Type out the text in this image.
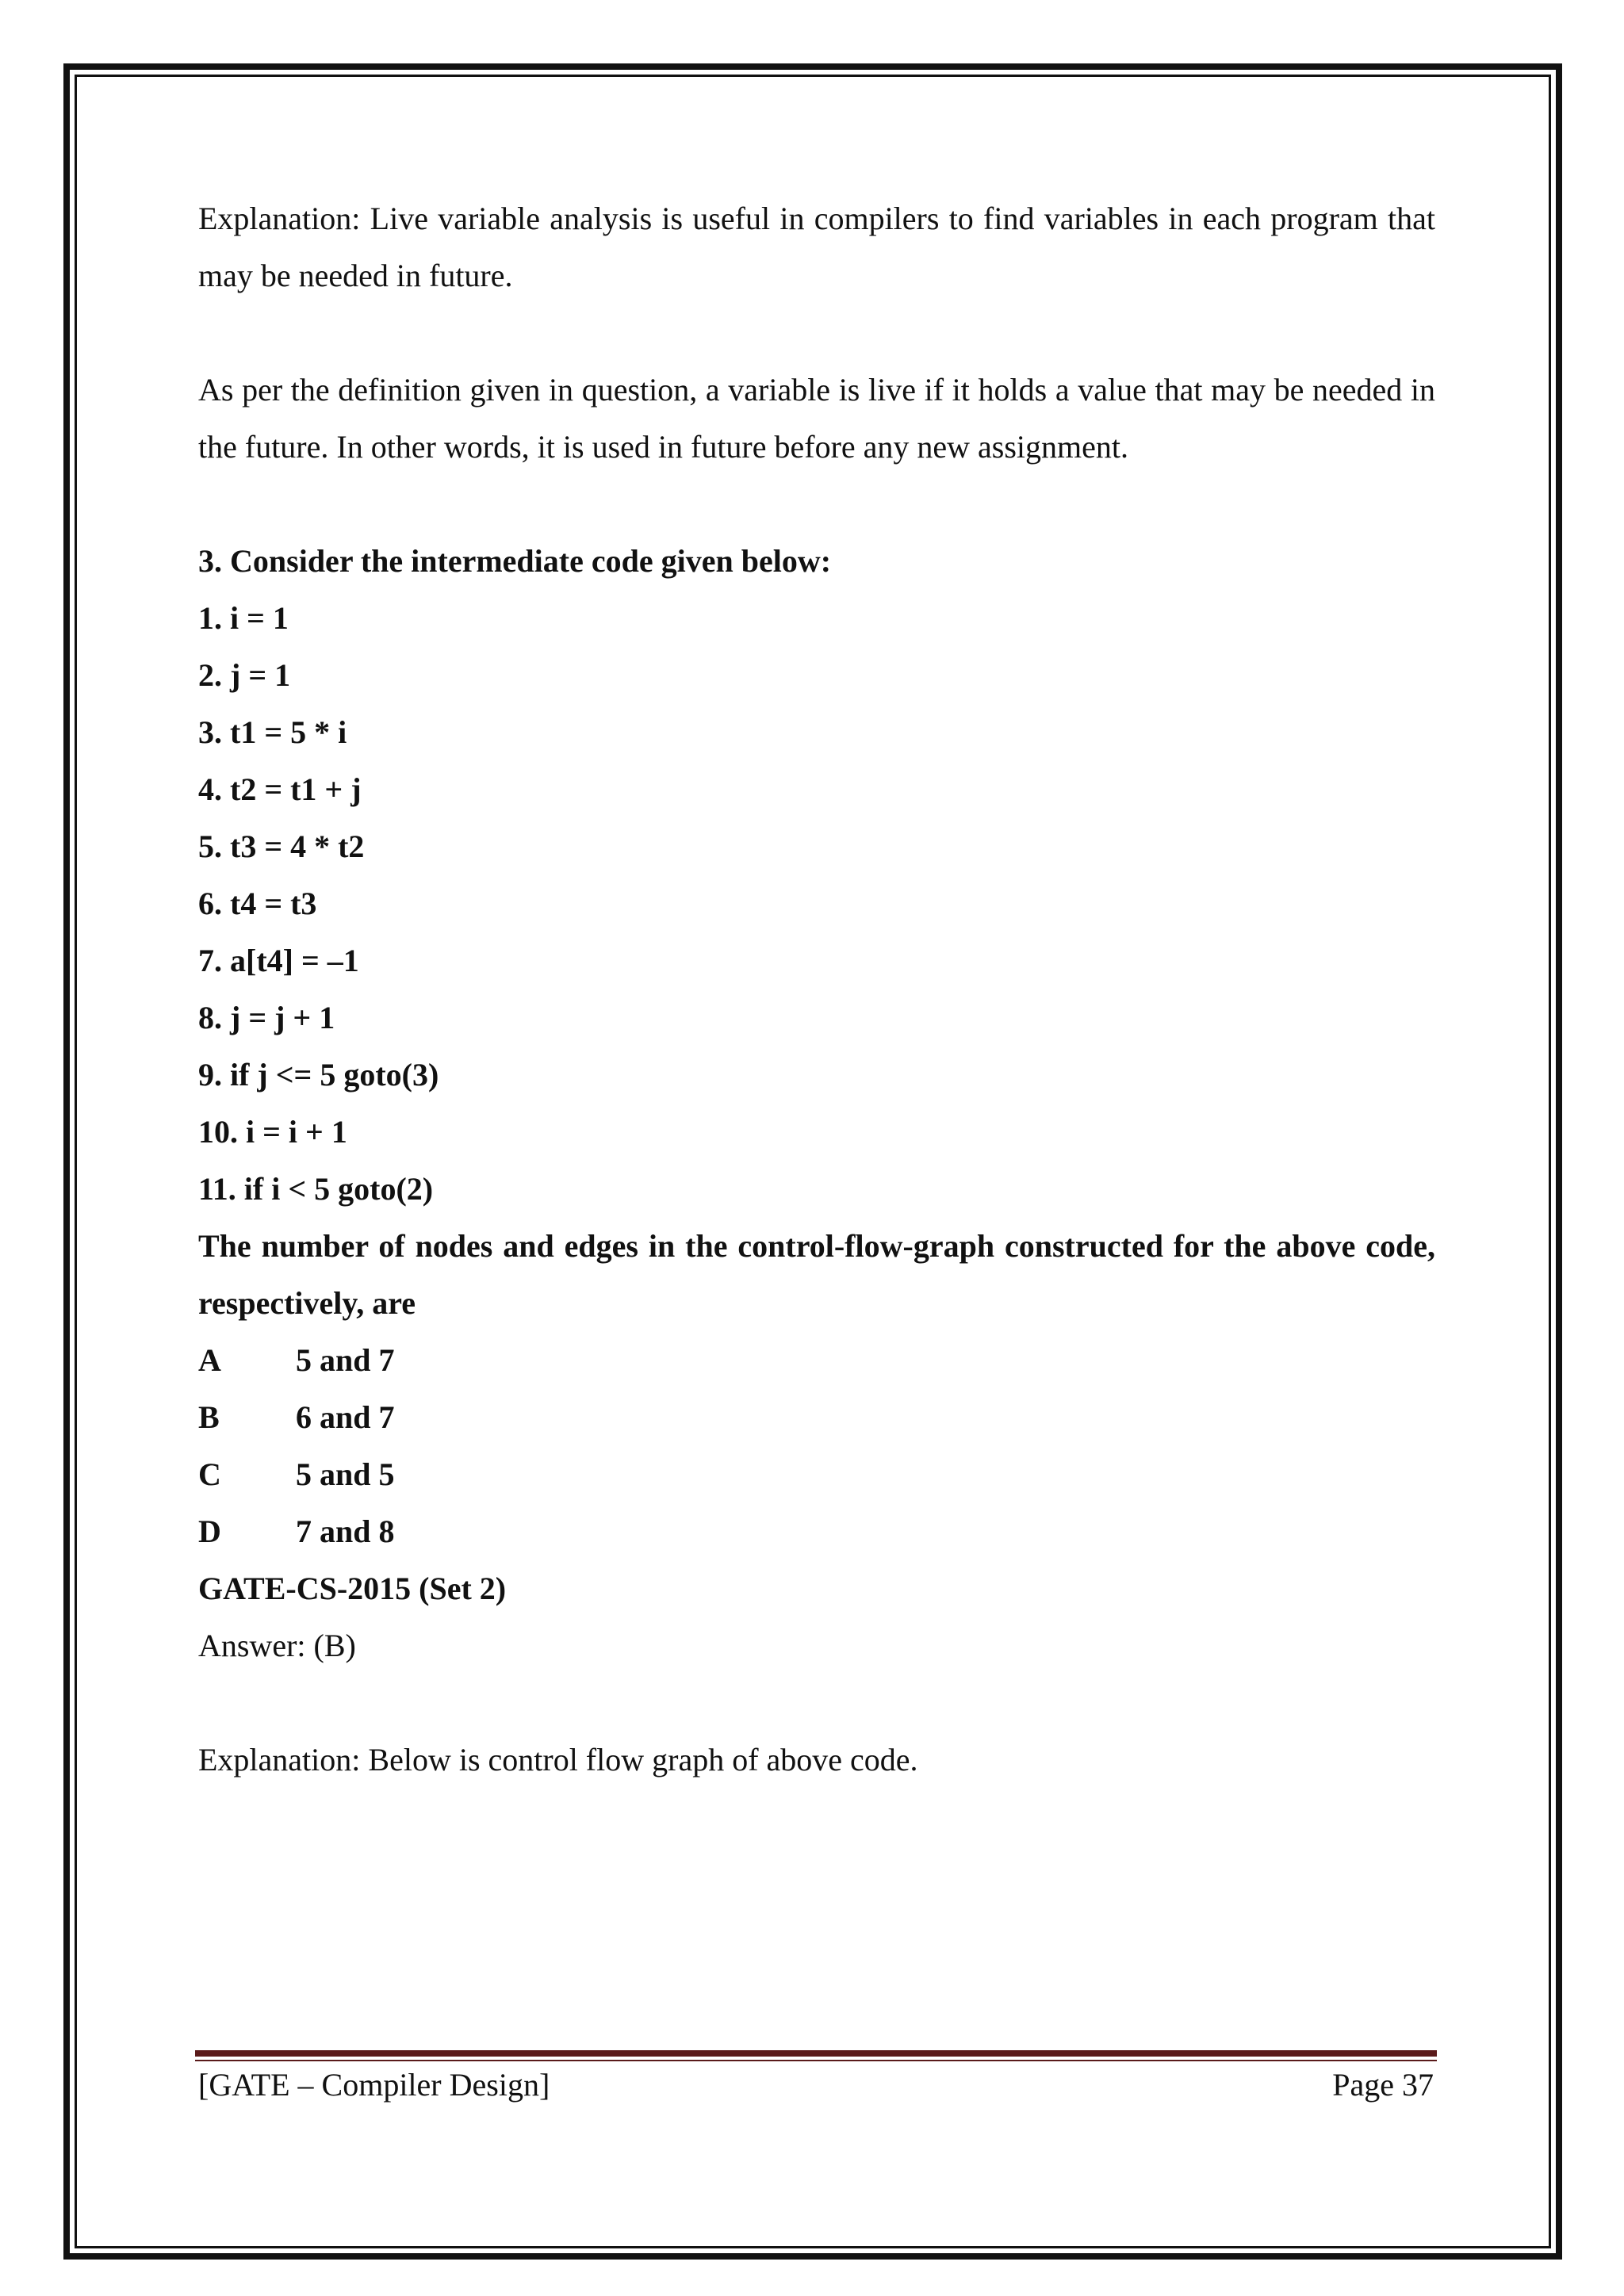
Explanation: Live variable analysis is useful in compilers to find variables in each program that may be needed in future.

As per the definition given in question, a variable is live if it holds a value that may be needed in the future. In other words, it is used in future before any new assignment.

3. Consider the intermediate code given below:

1. i = 1

2. j = 1

3. t1 = 5 * i

4. t2 = t1 + j

5. t3 = 4 * t2

6. t4 = t3

7. a[t4] = –1

8. j = j + 1

9. if j <= 5 goto(3)

10. i = i + 1

11. if i < 5 goto(2)

The number of nodes and edges in the control-flow-graph constructed for the above code, respectively, are

A	5 and 7
B	6 and 7
C	5 and 5
D	7 and 8

GATE-CS-2015 (Set 2)

Answer: (B)

Explanation: Below is control flow graph of above code.

[GATE – Compiler Design]	Page 37
